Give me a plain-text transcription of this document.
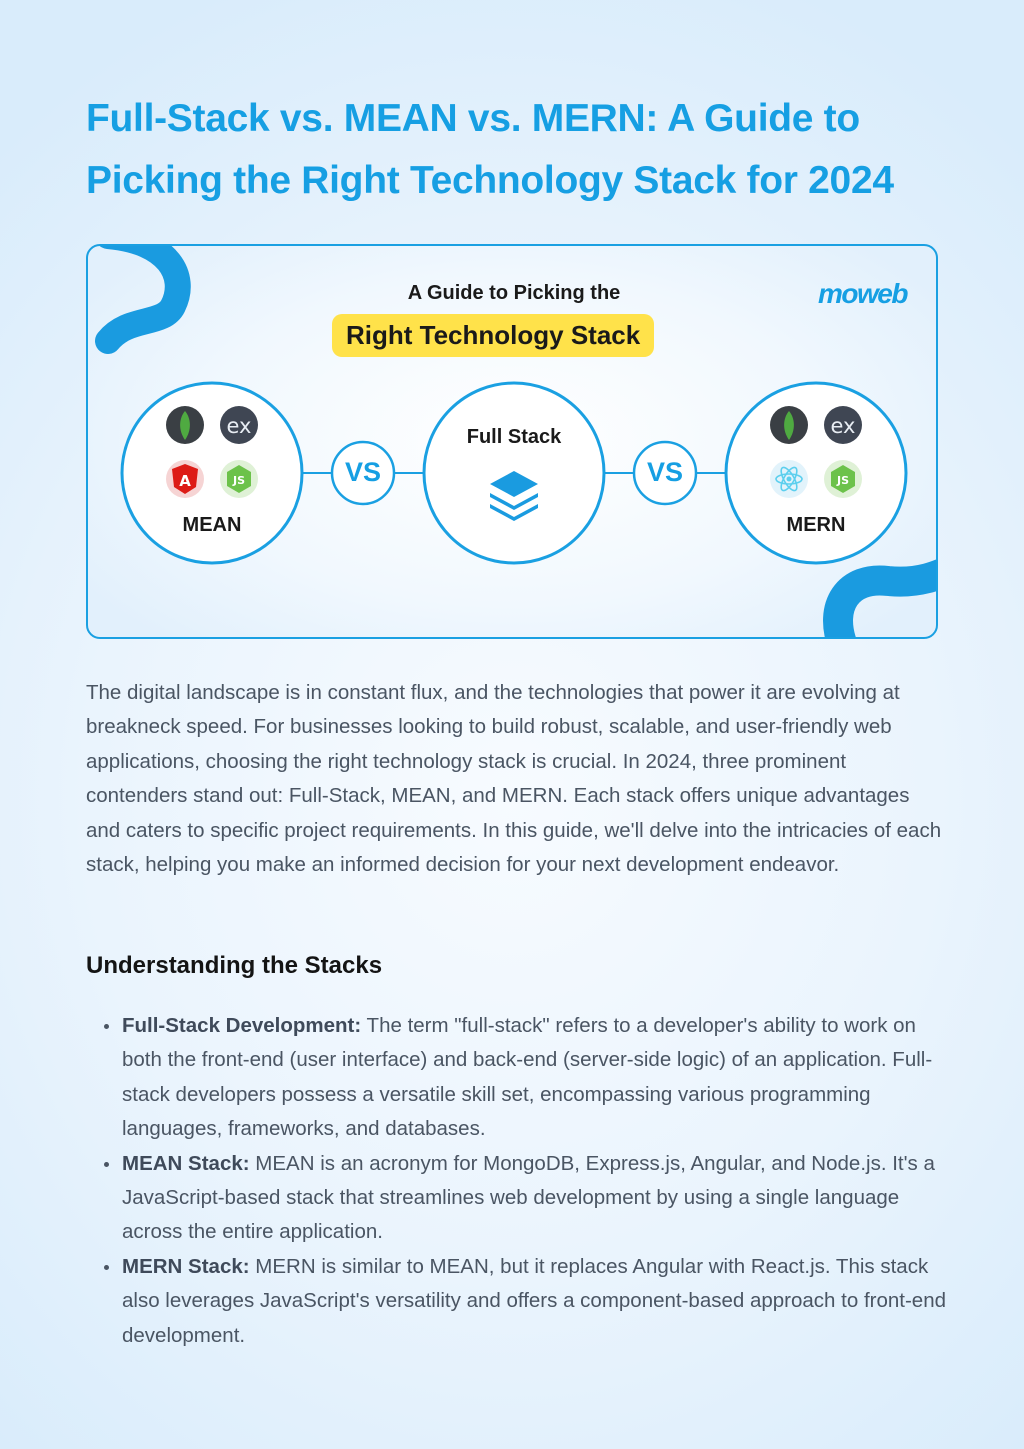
Full-Stack vs. MEAN vs. MERN: A Guide to Picking the Right Technology Stack for 2024
ex
A	JS
ex
JS
A Guide to Picking the
Right Technology Stack
moweb
MEAN
Full Stack
MERN
VS	VS

The digital landscape is in constant flux, and the technologies that power it are evolving at breakneck speed. For businesses looking to build robust, scalable, and user-friendly web applications, choosing the right technology stack is crucial. In 2024, three prominent contenders stand out: Full-Stack, MEAN, and MERN. Each stack offers unique advantages and caters to specific project requirements. In this guide, we'll delve into the intricacies of each stack, helping you make an informed decision for your next development endeavor.

Understanding the Stacks
Full-Stack Development: The term "full-stack" refers to a developer's ability to work on both the front-end (user interface) and back-end (server-side logic) of an application. Full-stack developers possess a versatile skill set, encompassing various programming languages, frameworks, and databases.
MEAN Stack: MEAN is an acronym for MongoDB, Express.js, Angular, and Node.js. It's a JavaScript-based stack that streamlines web development by using a single language across the entire application.
MERN Stack: MERN is similar to MEAN, but it replaces Angular with React.js. This stack also leverages JavaScript's versatility and offers a component-based approach to front-end development.
